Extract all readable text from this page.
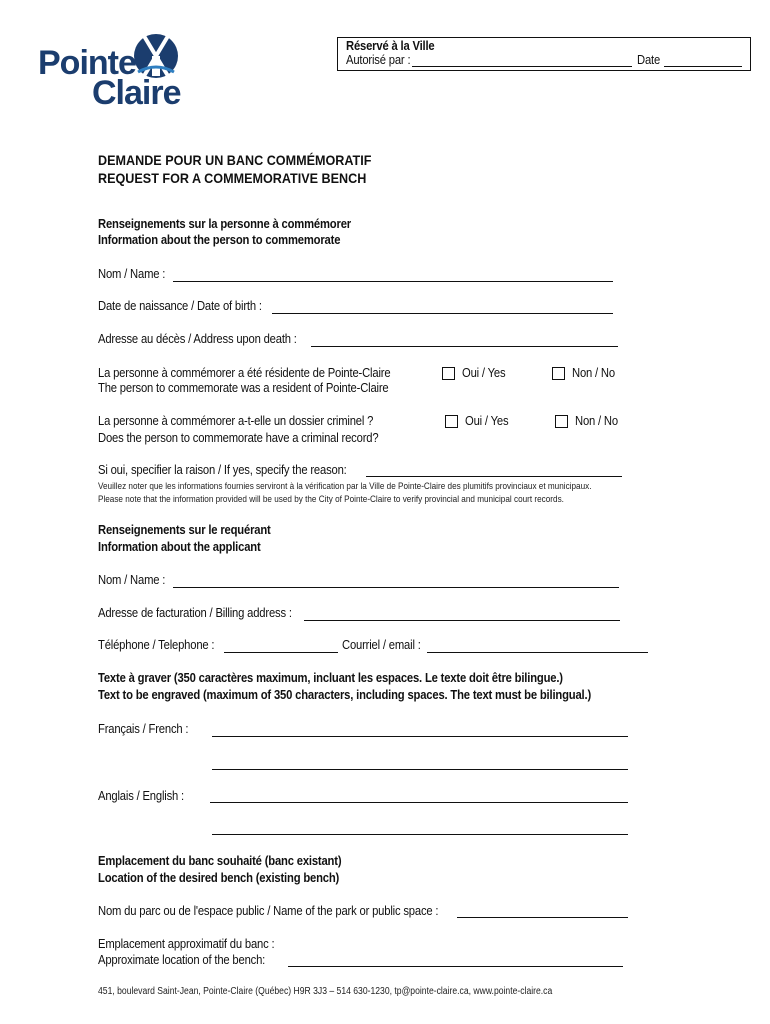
Pointe
Claire
Réservé à la Ville
Autorisé par :	Date
DEMANDE POUR UN BANC COMMÉMORATIF
REQUEST FOR A COMMEMORATIVE BENCH
Renseignements sur la personne à commémorer
Information about the person to commemorate
Nom / Name :
Date de naissance / Date of birth :
Adresse au décès / Address upon death :
La personne à commémorer a été résidente de Pointe-Claire
The person to commemorate was a resident of Pointe-Claire
Oui / Yes	Non / No
La personne à commémorer a-t-elle un dossier criminel ?
Does the person to commemorate have a criminal record?
Oui / Yes	Non / No
Si oui, specifier la raison / If yes, specify the reason:
Veuillez noter que les informations fournies serviront à la vérification par la Ville de Pointe-Claire des plumitifs provinciaux et municipaux.
Please note that the information provided will be used by the City of Pointe-Claire to verify provincial and municipal court records.
Renseignements sur le requérant
Information about the applicant
Nom / Name :
Adresse de facturation / Billing address :
Téléphone / Telephone :	Courriel / email :
Texte à graver (350 caractères maximum, incluant les espaces. Le texte doit être bilingue.)
Text to be engraved (maximum of 350 characters, including spaces. The text must be bilingual.)
Français / French :
Anglais / English :
Emplacement du banc souhaité (banc existant)
Location of the desired bench (existing bench)
Nom du parc ou de l'espace public / Name of the park or public space :
Emplacement approximatif du banc :
Approximate location of the bench:
451, boulevard Saint-Jean, Pointe-Claire (Québec) H9R 3J3 – 514 630-1230, tp@pointe-claire.ca, www.pointe-claire.ca
